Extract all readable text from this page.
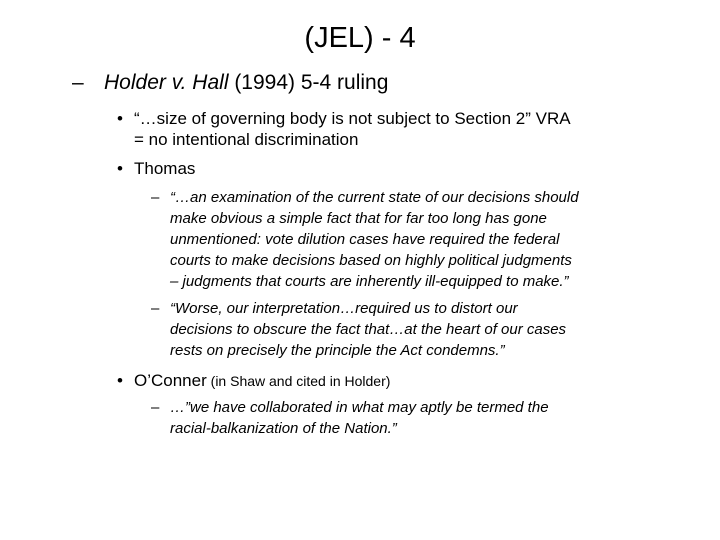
(JEL) - 4
– Holder v. Hall (1994) 5-4 ruling
• “…size of governing body is not subject to Section 2” VRA
= no intentional discrimination
• Thomas
– “…an examination of the current state of our decisions should
make obvious a simple fact that for far too long has gone
unmentioned: vote dilution cases have required the federal
courts to make decisions based on highly political judgments
– judgments that courts are inherently ill-equipped to make.”
– “Worse, our interpretation…required us to distort our
decisions to obscure the fact that…at the heart of our cases
rests on precisely the principle the Act condemns.”
• O’Conner (in Shaw and cited in Holder)
– …”we have collaborated in what may aptly be termed the
racial-balkanization of the Nation.”
